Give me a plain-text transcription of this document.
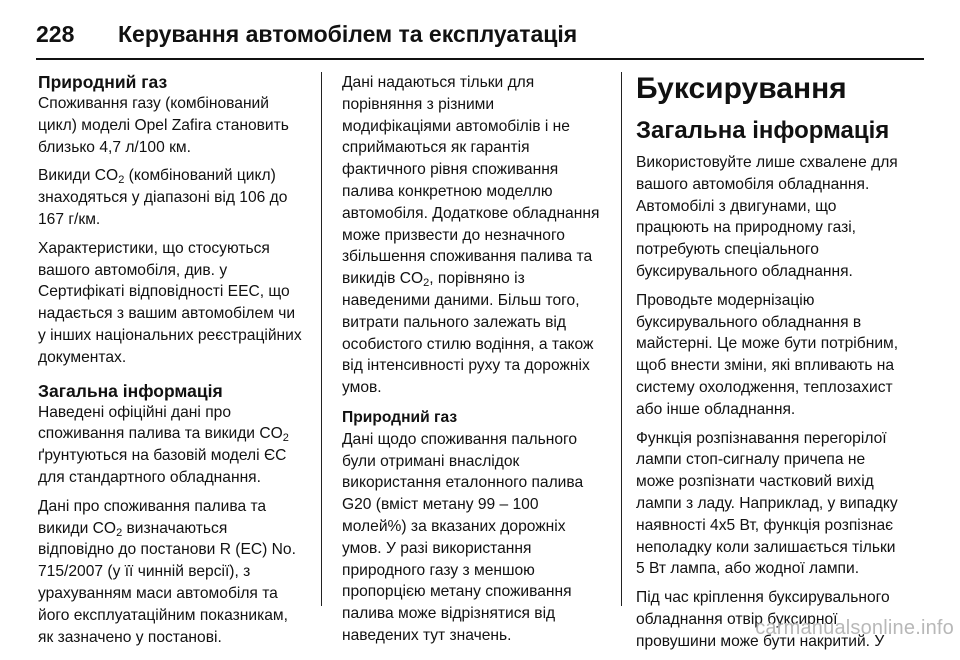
228	Керування автомобілем та експлуатація
Природний газ

Споживання газу (комбінований цикл) моделі Opel Zafira становить близько 4,7 л/100 км.

Викиди $CO_2$ (комбінований цикл) знаходяться у діапазоні від 106 до 167 г/км.

Характеристики, що стосуються вашого автомобіля, див. у Сертифікаті відповідності ЕЕС, що надається з вашим автомобілем чи у інших національних реєстраційних документах.

Загальна інформація

Наведені офіційні дані про споживання палива та викиди $CO_2$ ґрунтуються на базовій моделі ЄС для стандартного обладнання.

Дані про споживання палива та викиди $CO_2$ визначаються відповідно до постанови R (EC) No. 715/2007 (у її чинній версії), з урахуванням маси автомобіля та його експлуатаційним показникам, як зазначено у постанові.

Дані надаються тільки для порівняння з різними модифікаціями автомобілів і не сприймаються як гарантія фактичного рівня споживання палива конкретною моделлю автомобіля. Додаткове обладнання може призвести до незначного збільшення споживання палива та викидів $CO_2$, порівняно із наведеними даними. Більш того, витрати пального залежать від особистого стилю водіння, а також від інтенсивності руху та дорожніх умов.

Природний газ

Дані щодо споживання пального були отримані внаслідок використання еталонного палива G20 (вміст метану 99 – 100 молей%) за вказаних дорожніх умов. У разі використання природного газу з меншою пропорцією метану споживання палива може відрізнятися від наведених тут значень.

Буксирування
Загальна інформація

Використовуйте лише схвалене для вашого автомобіля обладнання. Автомобілі з двигунами, що працюють на природному газі, потребують спеціального буксирувального обладнання.

Проводьте модернізацію буксирувального обладнання в майстерні. Це може бути потрібним, щоб внести зміни, які впливають на систему охолодження, теплозахист або інше обладнання.

Функція розпізнавання перегорілої лампи стоп-сигналу причепа не може розпізнати часткoвий вихід лампи з ладу. Наприклад, у випадку наявності 4x5 Вт, функція розпізнає неполадку коли залишається тільки 5 Вт лампа, або жодної лампи.

Під час кріплення буксирувального обладнання отвір буксирної провушини може бути накритий. У

carmanualsonline.info
